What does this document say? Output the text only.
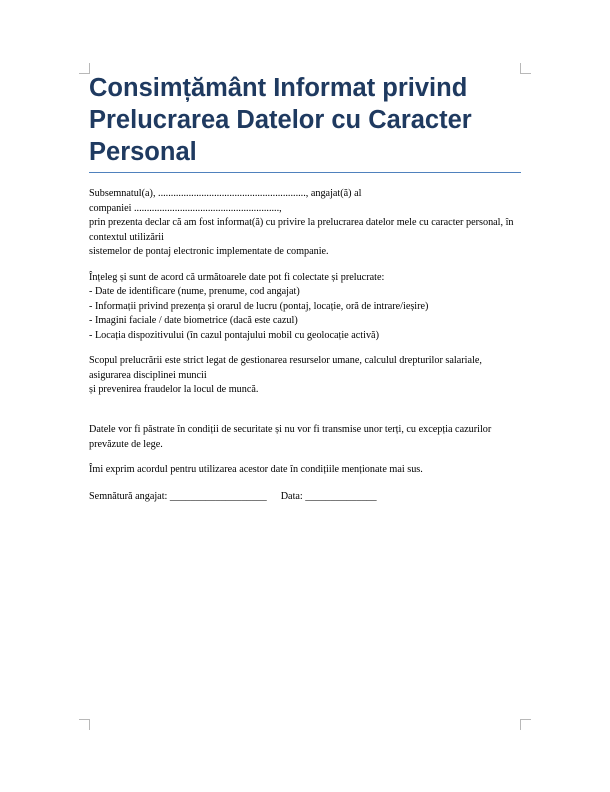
Consimțământ Informat privind Prelucrarea Datelor cu Caracter Personal
Subsemnatul(a), .........................................................., angajat(ă) al
companiei .........................................................,
prin prezenta declar că am fost informat(ă) cu privire la prelucrarea datelor mele cu caracter personal, în contextul utilizării
sistemelor de pontaj electronic implementate de companie.
Înțeleg și sunt de acord că următoarele date pot fi colectate și prelucrate:
- Date de identificare (nume, prenume, cod angajat)
- Informații privind prezența și orarul de lucru (pontaj, locație, oră de intrare/ieșire)
- Imagini faciale / date biometrice (dacă este cazul)
- Locația dispozitivului (în cazul pontajului mobil cu geolocație activă)
Scopul prelucrării este strict legat de gestionarea resurselor umane, calculul drepturilor salariale, asigurarea disciplinei muncii
și prevenirea fraudelor la locul de muncă.
Datele vor fi păstrate în condiții de securitate și nu vor fi transmise unor terți, cu excepția cazurilor prevăzute de lege.
Îmi exprim acordul pentru utilizarea acestor date în condițiile menționate mai sus.
Semnătură angajat: ___________________ Data: ______________
